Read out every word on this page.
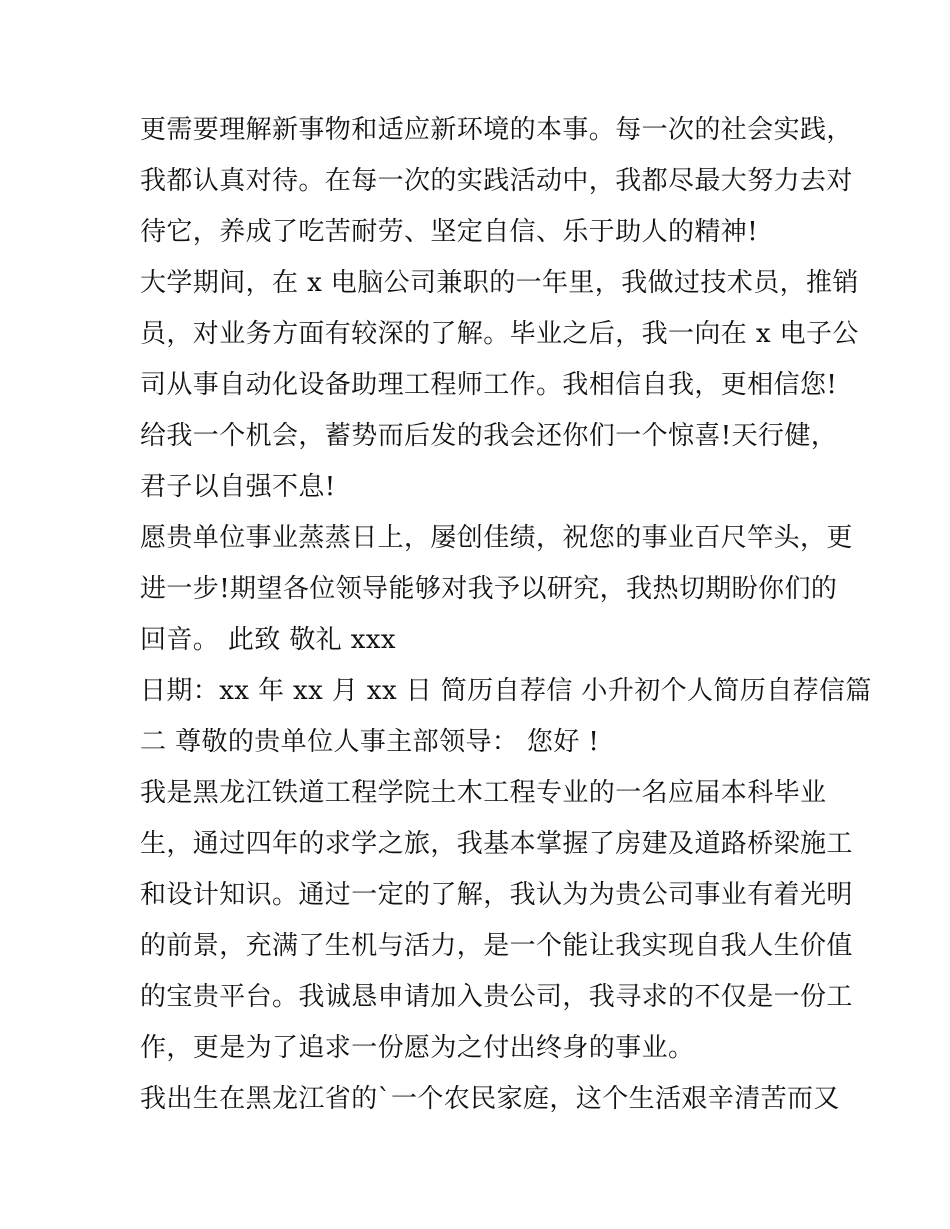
更需要理解新事物和适应新环境的本事。每一次的社会实践，
我都认真对待。在每一次的实践活动中，我都尽最大努力去对
待它，养成了吃苦耐劳、坚定自信、乐于助人的精神!
大学期间，在 x 电脑公司兼职的一年里，我做过技术员，推销
员，对业务方面有较深的了解。毕业之后，我一向在 x 电子公
司从事自动化设备助理工程师工作。我相信自我，更相信您!
给我一个机会，蓄势而后发的我会还你们一个惊喜!天行健，
君子以自强不息!
愿贵单位事业蒸蒸日上，屡创佳绩，祝您的事业百尺竿头，更
进一步!期望各位领导能够对我予以研究，我热切期盼你们的
回音。 此致 敬礼 xxx
日期：xx 年 xx 月 xx 日 简历自荐信 小升初个人简历自荐信篇
二 尊敬的贵单位人事主部领导： 您好 !
我是黑龙江铁道工程学院土木工程专业的一名应届本科毕业
生，通过四年的求学之旅，我基本掌握了房建及道路桥梁施工
和设计知识。通过一定的了解，我认为为贵公司事业有着光明
的前景，充满了生机与活力，是一个能让我实现自我人生价值
的宝贵平台。我诚恳申请加入贵公司，我寻求的不仅是一份工
作，更是为了追求一份愿为之付出终身的事业。
我出生在黑龙江省的`一个农民家庭，这个生活艰辛清苦而又
